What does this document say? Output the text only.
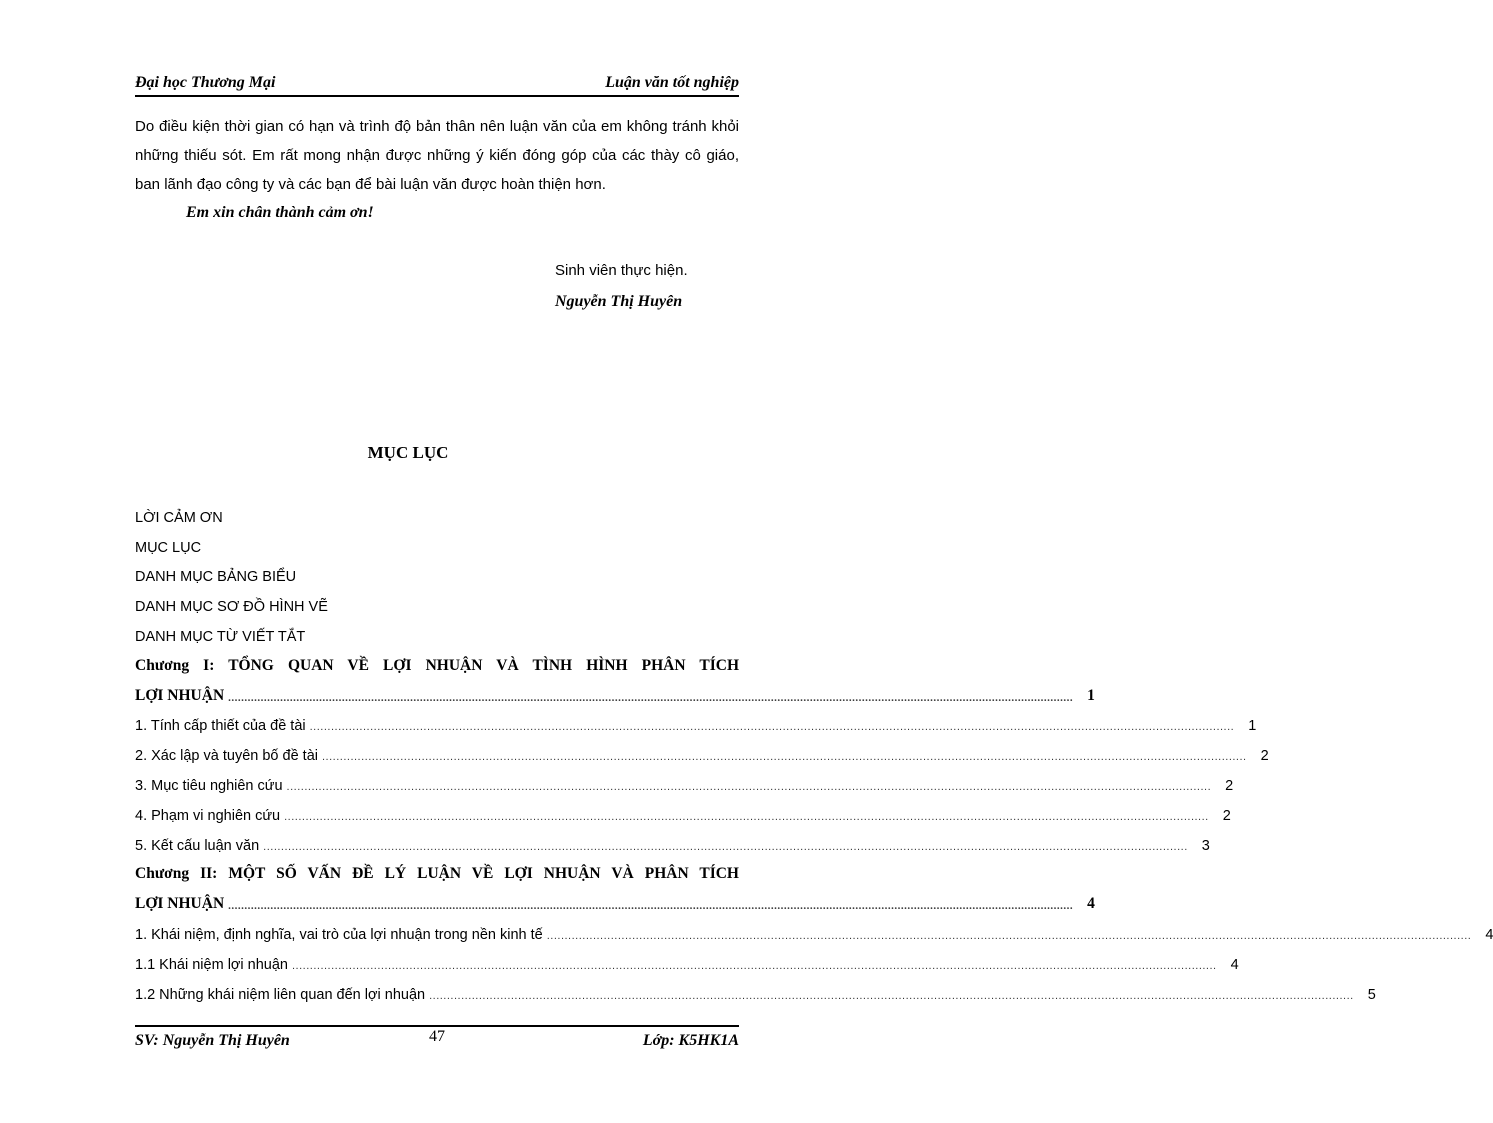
Đại học Thương Mại	Luận văn tốt nghiệp
Do điều kiện thời gian có hạn và trình độ bản thân nên luận văn của em không tránh khỏi những thiếu sót. Em rất mong nhận được những ý kiến đóng góp của các thày cô giáo, ban lãnh đạo công ty và các bạn để bài luận văn được hoàn thiện hơn.
Em xin chân thành cảm ơn!
Sinh viên thực hiện.
Nguyễn Thị Huyên
MỤC LỤC
LỜI CẢM ƠN
MỤC LỤC
DANH MỤC BẢNG BIỂU
DANH MỤC SƠ ĐỒ HÌNH VẼ
DANH MỤC TỪ VIẾT TẮT
Chương I: TỔNG QUAN VỀ LỢI NHUẬN VÀ TÌNH HÌNH PHÂN TÍCH
LỢI NHUẬN .................................................................................................................................................................................................................................................................... 1
1. Tính cấp thiết của đề tài .................................................................................................................................................................................................................................................................... 1
2. Xác lập và tuyên bố đề tài .................................................................................................................................................................................................................................................................... 2
3. Mục tiêu nghiên cứu .................................................................................................................................................................................................................................................................... 2
4. Phạm vi nghiên cứu .................................................................................................................................................................................................................................................................... 2
5. Kết cấu luận văn .................................................................................................................................................................................................................................................................... 3
Chương II: MỘT SỐ VẤN ĐỀ LÝ LUẬN VỀ LỢI NHUẬN VÀ PHÂN TÍCH
LỢI NHUẬN .................................................................................................................................................................................................................................................................... 4
1. Khái niệm, định nghĩa, vai trò của lợi nhuận trong nền kinh tế .................................................................................................................................................................................................................................................................... 4
1.1 Khái niệm lợi nhuận .................................................................................................................................................................................................................................................................... 4
1.2 Những khái niệm liên quan đến lợi nhuận .................................................................................................................................................................................................................................................................... 5
SV: Nguyễn Thị Huyên	47	Lớp: K5HK1A
